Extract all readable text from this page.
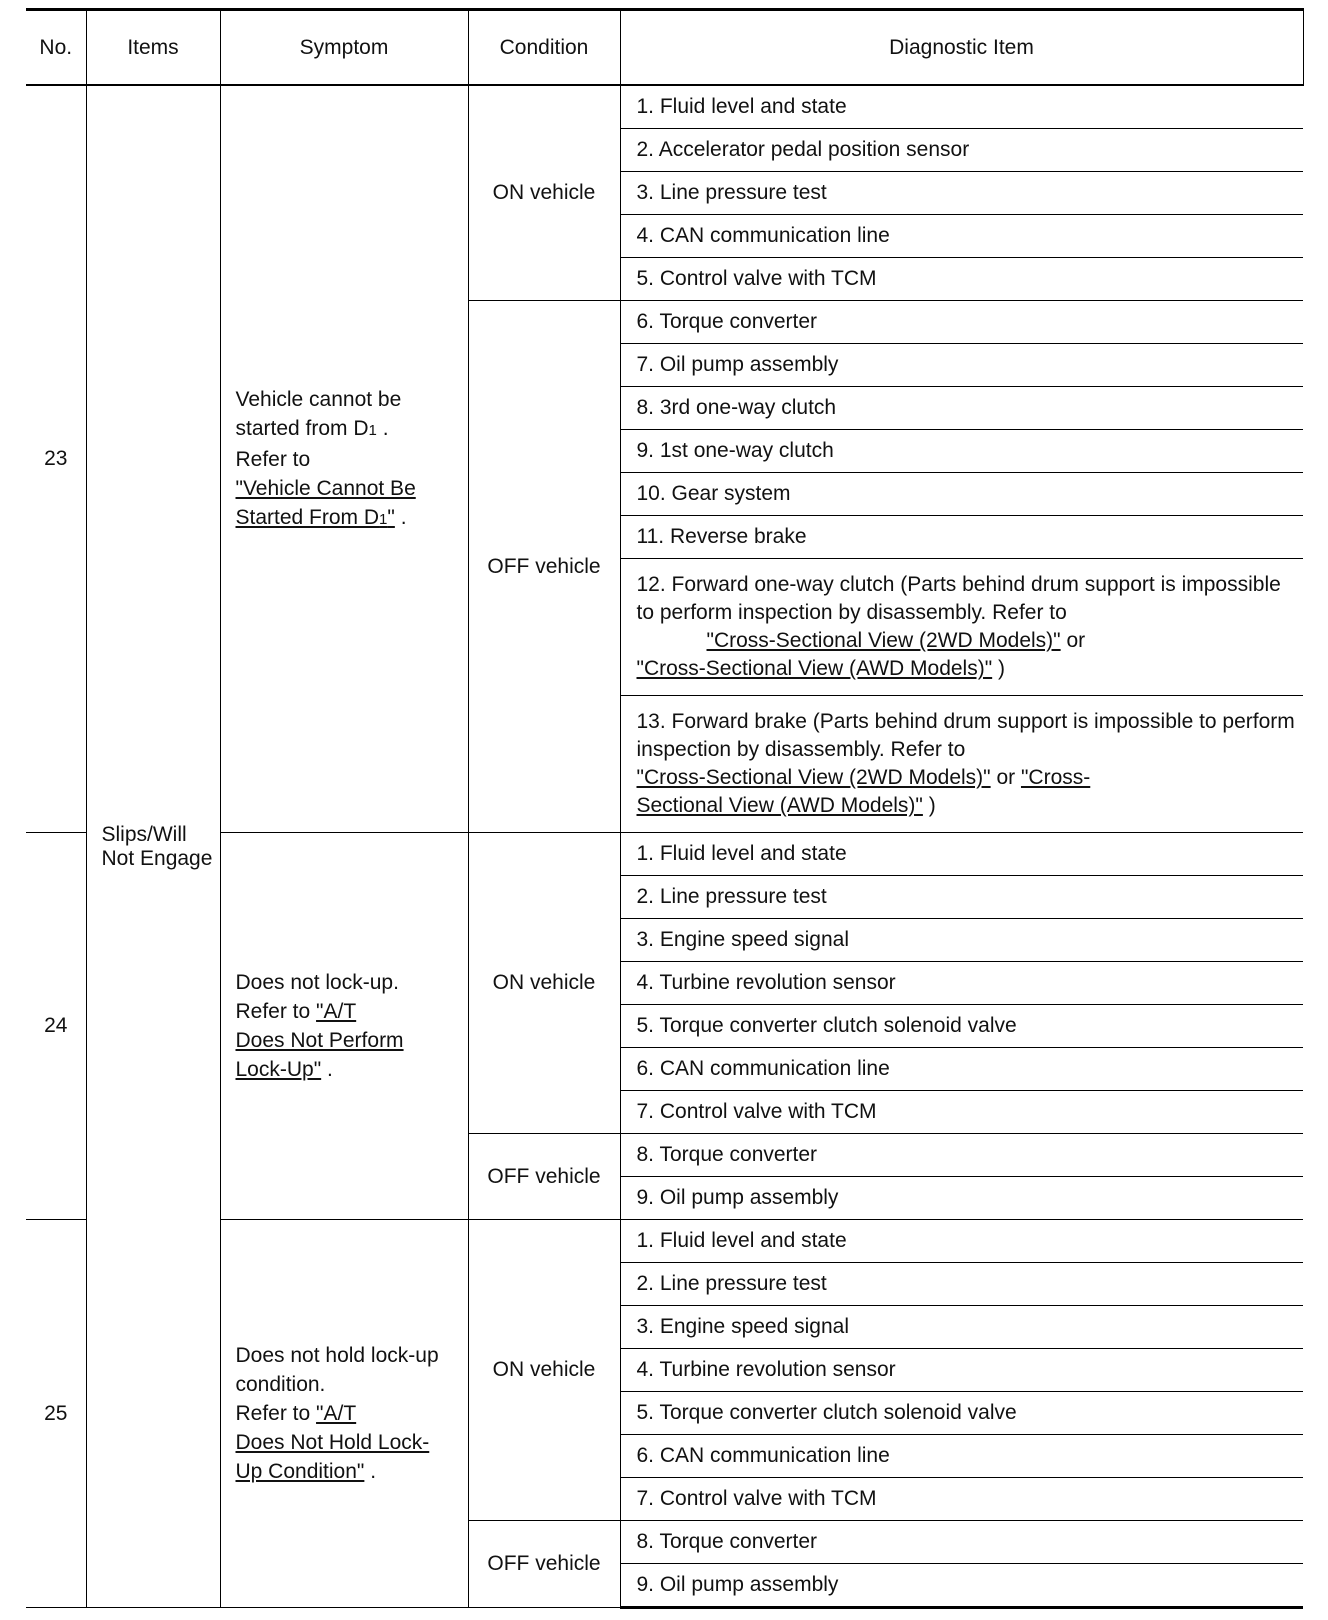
No.	Items	Symptom	Condition	Diagnostic Item
23	Slips/Will Not Engage	Vehicle cannot be
started from D1 .
Refer to
"Vehicle Cannot Be
Started From D1" .	ON vehicle	1. Fluid level and state
				2. Accelerator pedal position sensor
				3. Line pressure test
				4. CAN communication line
				5. Control valve with TCM
			OFF vehicle	6. Torque converter
				7. Oil pump assembly
				8. 3rd one-way clutch
				9. 1st one-way clutch
				10. Gear system
				11. Reverse brake
				12. Forward one-way clutch (Parts behind drum support is impossible to perform inspection by disassembly. Refer to
"Cross-Sectional View (2WD Models)" or
"Cross-Sectional View (AWD Models)" )
				13. Forward brake (Parts behind drum support is impossible to perform inspection by disassembly. Refer to
"Cross-Sectional View (2WD Models)" or "Cross-
Sectional View (AWD Models)" )
24		Does not lock-up.
Refer to "A/T
Does Not Perform
Lock-Up" .	ON vehicle	1. Fluid level and state
				2. Line pressure test
				3. Engine speed signal
				4. Turbine revolution sensor
				5. Torque converter clutch solenoid valve
				6. CAN communication line
				7. Control valve with TCM
			OFF vehicle	8. Torque converter
				9. Oil pump assembly
25		Does not hold lock-up
condition.
Refer to "A/T
Does Not Hold Lock-
Up Condition" .	ON vehicle	1. Fluid level and state
				2. Line pressure test
				3. Engine speed signal
				4. Turbine revolution sensor
				5. Torque converter clutch solenoid valve
				6. CAN communication line
				7. Control valve with TCM
			OFF vehicle	8. Torque converter
				9. Oil pump assembly
